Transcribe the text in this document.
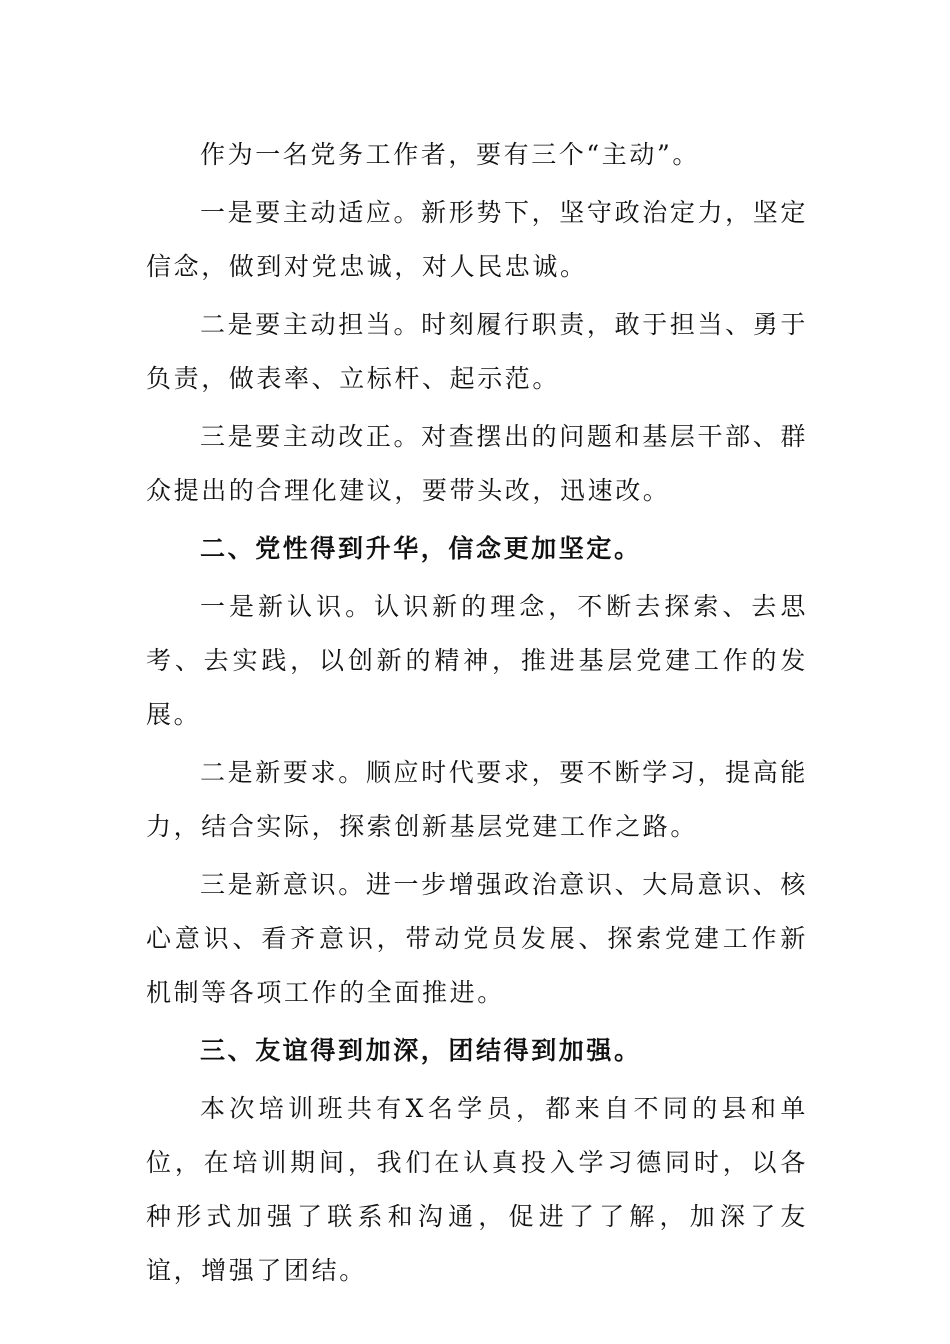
作为一名党务工作者，要有三个“主动”。

一是要主动适应。新形势下，坚守政治定力，坚定信念，做到对党忠诚，对人民忠诚。

二是要主动担当。时刻履行职责，敢于担当、勇于负责，做表率、立标杆、起示范。

三是要主动改正。对查摆出的问题和基层干部、群众提出的合理化建议，要带头改，迅速改。

二、党性得到升华，信念更加坚定。

一是新认识。认识新的理念，不断去探索、去思考、去实践，以创新的精神，推进基层党建工作的发展。

二是新要求。顺应时代要求，要不断学习，提高能力，结合实际，探索创新基层党建工作之路。

三是新意识。进一步增强政治意识、大局意识、核心意识、看齐意识，带动党员发展、探索党建工作新机制等各项工作的全面推进。

三、友谊得到加深，团结得到加强。

本次培训班共有X名学员，都来自不同的县和单位，在培训期间，我们在认真投入学习德同时，以各种形式加强了联系和沟通，促进了了解，加深了友谊，增强了团结。
